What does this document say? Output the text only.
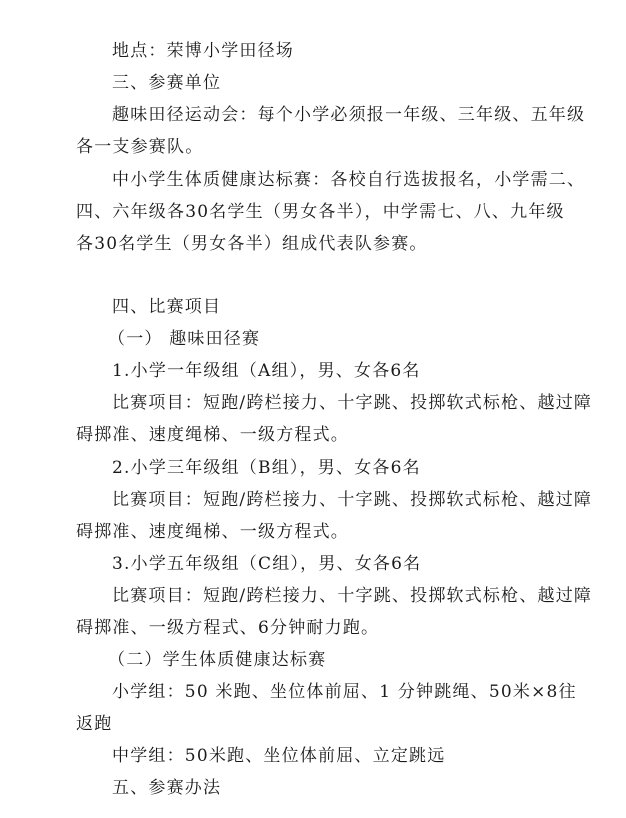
地点：荣博小学田径场
三、参赛单位
趣味田径运动会：每个小学必须报一年级、三年级、五年级
各一支参赛队。
中小学生体质健康达标赛：各校自行选拔报名，小学需二、
四、六年级各30名学生（男女各半），中学需七、八、九年级
各30名学生（男女各半）组成代表队参赛。
四、比赛项目
（一） 趣味田径赛
1.小学一年级组（A组），男、女各6名
比赛项目：短跑/跨栏接力、十字跳、投掷软式标枪、越过障
碍掷准、速度绳梯、一级方程式。
2.小学三年级组（B组），男、女各6名
比赛项目：短跑/跨栏接力、十字跳、投掷软式标枪、越过障
碍掷准、速度绳梯、一级方程式。
3.小学五年级组（C组），男、女各6名
比赛项目：短跑/跨栏接力、十字跳、投掷软式标枪、越过障
碍掷准、一级方程式、6分钟耐力跑。
（二）学生体质健康达标赛
小学组：50 米跑、坐位体前屈、1 分钟跳绳、50米×8往
返跑
中学组：50米跑、坐位体前屈、立定跳远
五、参赛办法
